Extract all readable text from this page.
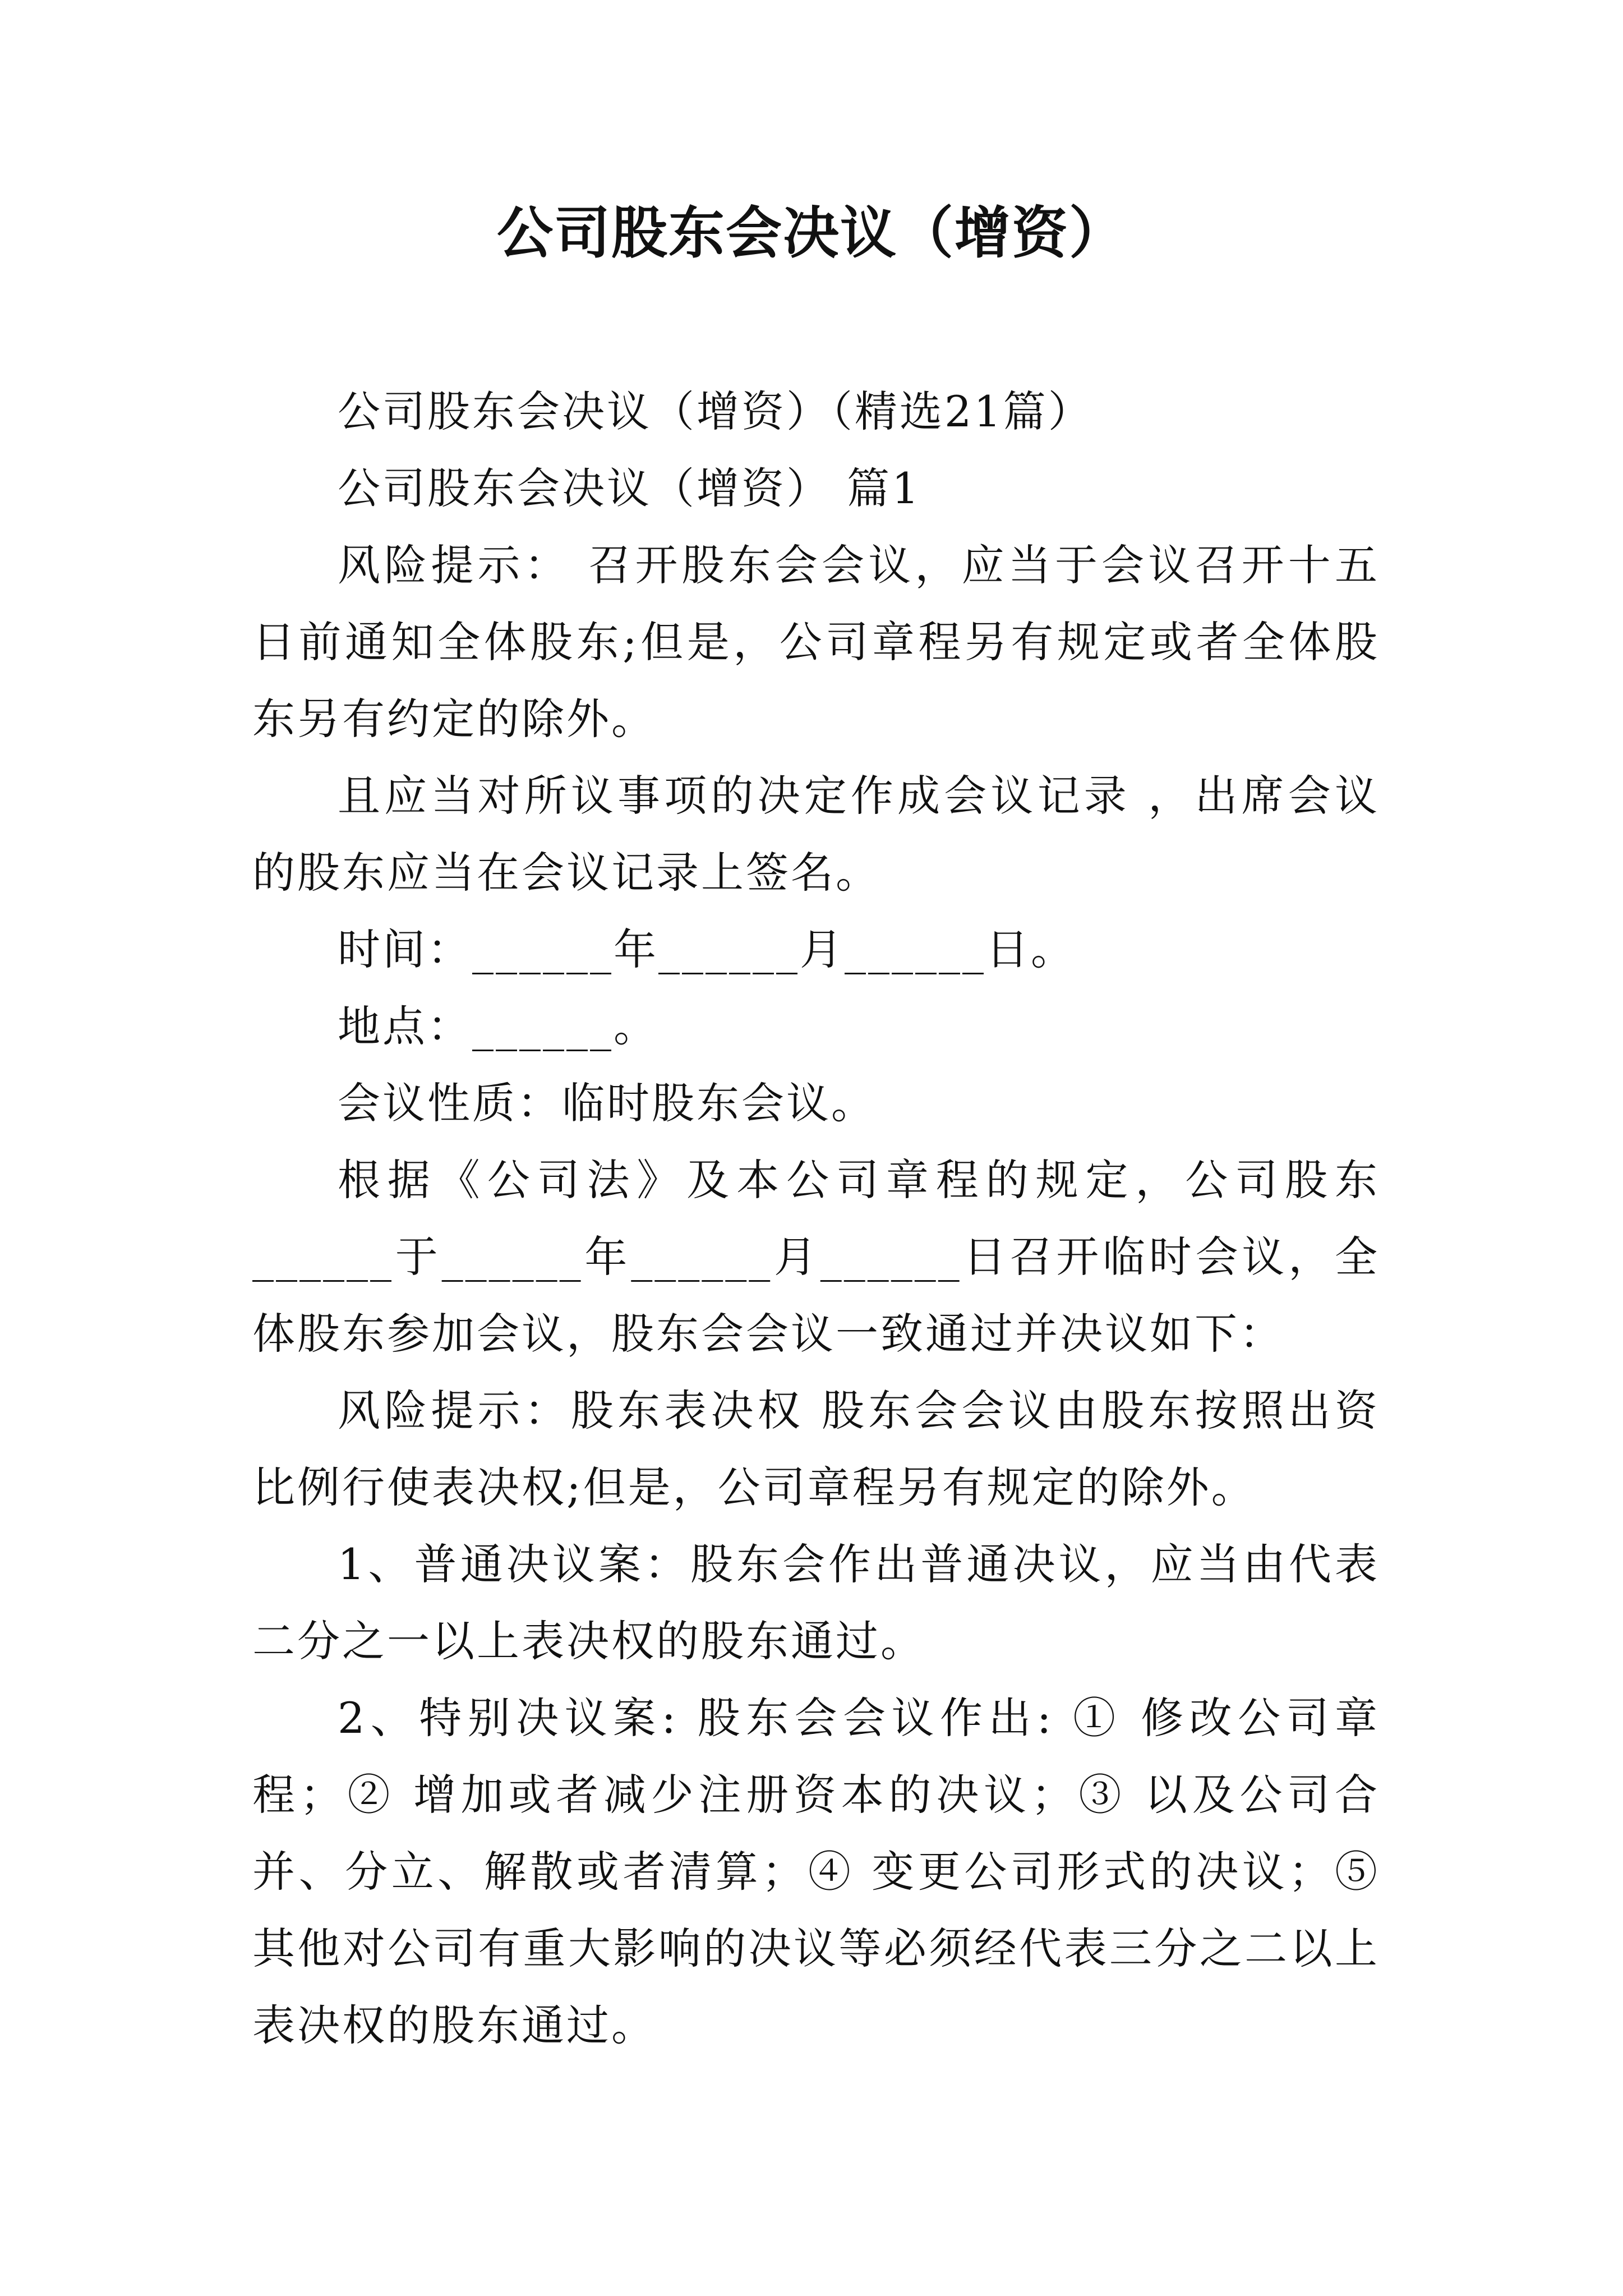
公司股东会决议（增资）

公司股东会决议（增资）（精选21篇）

公司股东会决议（增资） 篇1

风险提示： 召开股东会会议，应当于会议召开十五日前通知全体股东;但是，公司章程另有规定或者全体股东另有约定的除外。

且应当对所议事项的决定作成会议记录 ，出席会议的股东应当在会议记录上签名。

时间：______年______月______日。

地点：______。

会议性质：临时股东会议。

根据《公司法》及本公司章程的规定，公司股东______于______年______月______日召开临时会议，全体股东参加会议，股东会会议一致通过并决议如下：

风险提示：股东表决权 股东会会议由股东按照出资比例行使表决权;但是，公司章程另有规定的除外。

1、普通决议案：股东会作出普通决议，应当由代表二分之一以上表决权的股东通过。

2、特别决议案: 股东会会议作出: ① 修改公司章程；② 增加或者减少注册资本的决议；③ 以及公司合并、分立、解散或者清算；④ 变更公司形式的决议；⑤ 其他对公司有重大影响的决议等必须经代表三分之二以上表决权的股东通过。
